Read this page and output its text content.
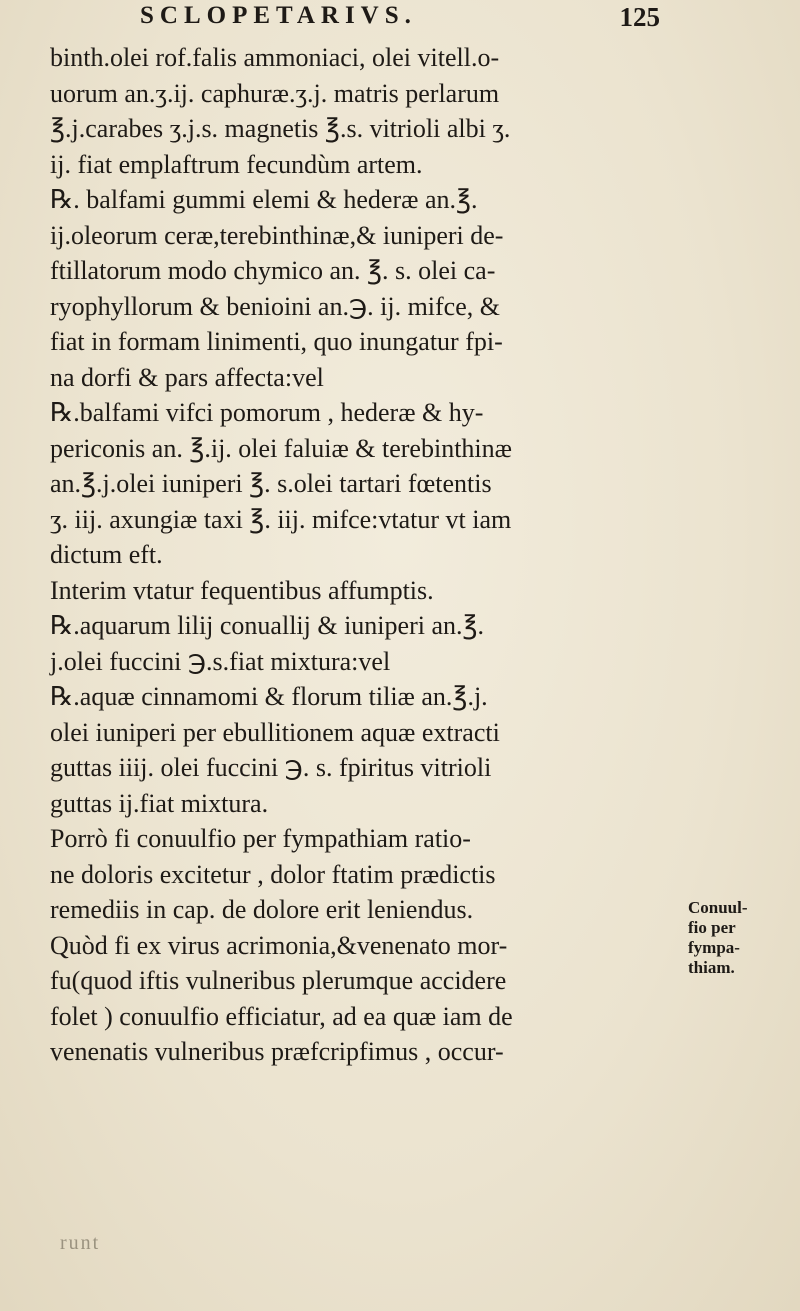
SCLOPETARIVS.	125
binth.olei rof.falis ammoniaci, olei vitell.o-
uorum an.ʒ.ij. caphuræ.ʒ.j. matris perlarum
℥.j.carabes ʒ.j.s. magnetis ℥.s. vitrioli albi ʒ.
ij. fiat emplaftrum fecundùm artem.
℞. balfami gummi elemi & hederæ an.℥.
ij.oleorum ceræ,terebinthinæ,& iuniperi de-
ftillatorum modo chymico an. ℥. s. olei ca-
ryophyllorum & benioini an.℈. ij. mifce, &
fiat in formam linimenti, quo inungatur fpi-
na dorfi & pars affecta:vel
℞.balfami vifci pomorum , hederæ & hy-
periconis an. ℥.ij. olei faluiæ & terebinthinæ
an.℥.j.olei iuniperi ℥. s.olei tartari fœtentis
ʒ. iij. axungiæ taxi ℥. iij. mifce:vtatur vt iam
dictum eft.
Interim vtatur fequentibus affumptis.
℞.aquarum lilij conuallij & iuniperi an.℥.
j.olei fuccini ℈.s.fiat mixtura:vel
℞.aquæ cinnamomi & florum tiliæ an.℥.j.
olei iuniperi per ebullitionem aquæ extracti
guttas iiij. olei fuccini ℈. s. fpiritus vitrioli
guttas ij.fiat mixtura.
Porrò fi conuulfio per fympathiam ratio-
ne doloris excitetur , dolor ftatim prædictis
remediis in cap. de dolore erit leniendus.
Quòd fi ex virus acrimonia,&venenato mor-
fu(quod iftis vulneribus plerumque accidere
folet ) conuulfio efficiatur, ad ea quæ iam de
venenatis vulneribus præfcripfimus , occur-
Conuul-
fio per
fympa-
thiam.
runt
